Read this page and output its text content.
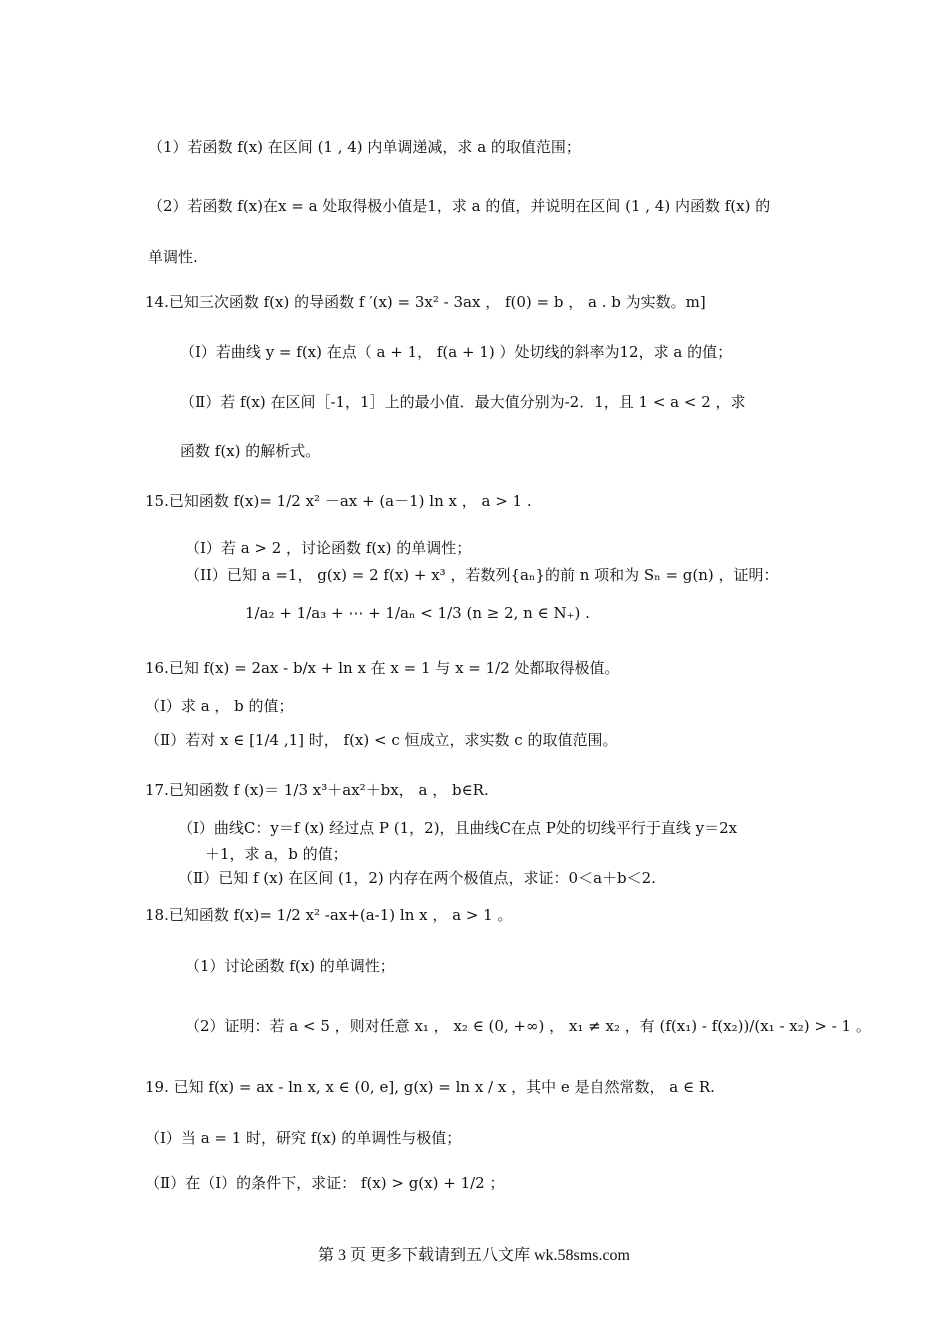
（1）若函数 f(x) 在区间 (1 , 4) 内单调递减，求 a 的取值范围；
（2）若函数 f(x)在x = a 处取得极小值是1，求 a 的值，并说明在区间 (1 , 4) 内函数 f(x) 的
单调性.
14.已知三次函数 f(x) 的导函数 f ′(x) = 3x² - 3ax ， f(0) = b ， a . b 为实数。m]
（Ⅰ）若曲线 y = f(x) 在点（ a + 1， f(a + 1) ）处切线的斜率为12，求 a 的值；
（Ⅱ）若 f(x) 在区间［-1，1］上的最小值．最大值分别为-2．1，且 1 < a < 2 ，求
函数 f(x) 的解析式。
15.已知函数 f(x)= 1/2 x² －ax + (a－1) ln x ， a > 1 .
（Ⅰ）若 a > 2 ，讨论函数 f(x) 的单调性；
（II）已知 a =1， g(x) = 2 f(x) + x³ ，若数列{aₙ}的前 n 项和为 Sₙ = g(n) ，证明：
1/a₂ + 1/a₃ + ⋯ + 1/aₙ < 1/3 (n ≥ 2, n ∈ N₊) .
16.已知 f(x) = 2ax - b/x + ln x 在 x = 1 与 x = 1/2 处都取得极值。
（I）求 a ， b 的值；
（Ⅱ）若对 x ∈ [1/4 ,1] 时， f(x) < c 恒成立，求实数 c 的取值范围。
17.已知函数 f (x)＝ 1/3 x³＋ax²＋bx， a ， b∈R.
（Ⅰ）曲线C：y＝f (x) 经过点 P (1，2)，且曲线C在点 P处的切线平行于直线 y＝2x
＋1，求 a，b 的值；
（Ⅱ）已知 f (x) 在区间 (1，2) 内存在两个极值点，求证：0＜a＋b＜2.
18.已知函数 f(x)= 1/2 x² -ax+(a-1) ln x ， a > 1 。
（1）讨论函数 f(x) 的单调性；
（2）证明：若 a < 5 ，则对任意 x₁ ， x₂ ∈ (0, +∞) ， x₁ ≠ x₂ ，有 (f(x₁) - f(x₂))/(x₁ - x₂) > - 1 。
19. 已知 f(x) = ax - ln x, x ∈ (0, e], g(x) = ln x / x ，其中 e 是自然常数， a ∈ R.
（Ⅰ）当 a = 1 时，研究 f(x) 的单调性与极值；
（Ⅱ）在（Ⅰ）的条件下，求证： f(x) > g(x) + 1/2 ；
第 3 页 更多下载请到五八文库 wk.58sms.com
